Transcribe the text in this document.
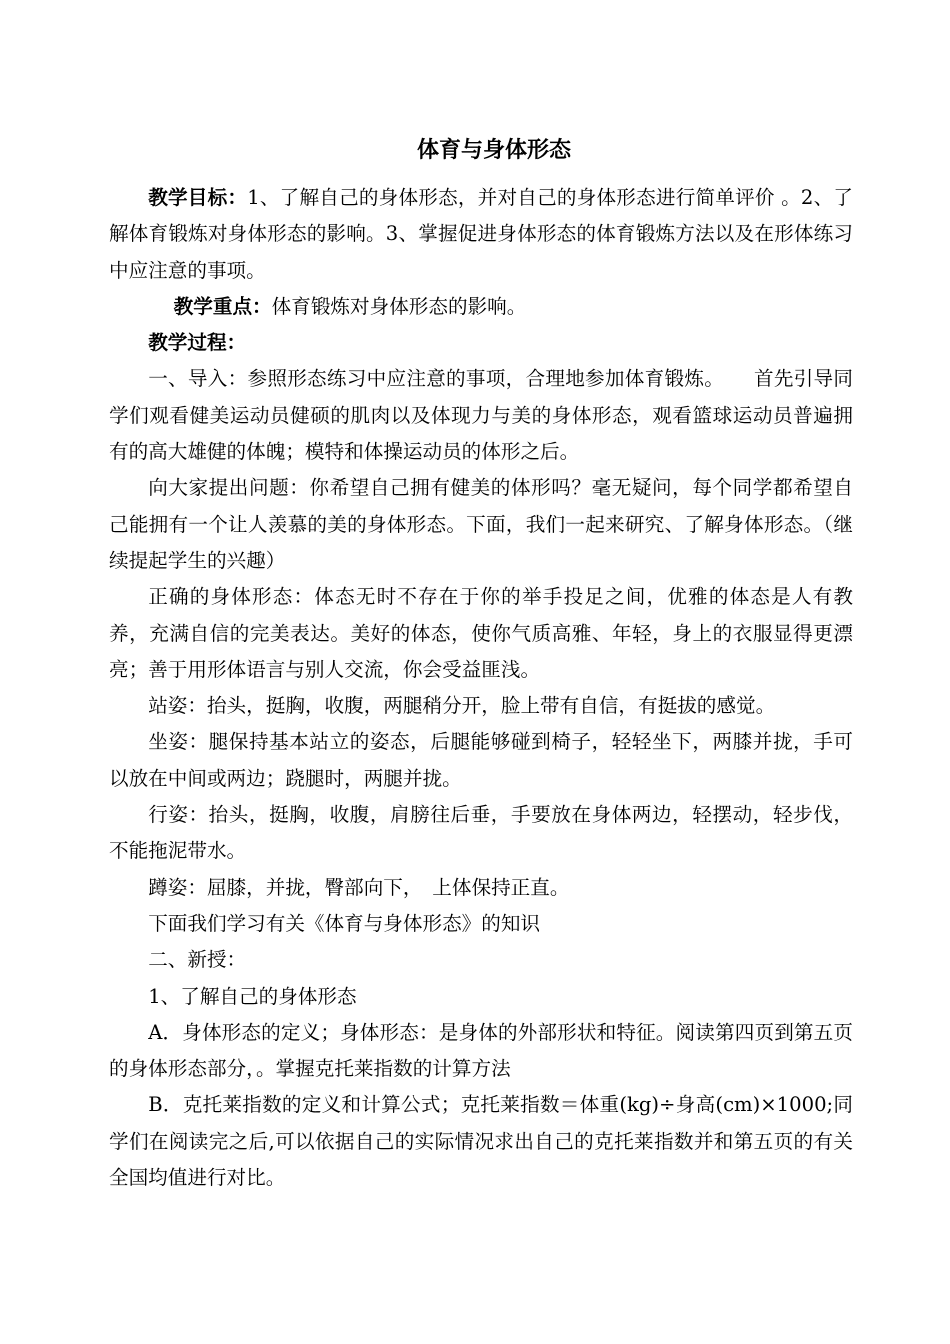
体育与身体形态

教学目标：1、了解自己的身体形态，并对自己的身体形态进行简单评价 。2、了解体育锻炼对身体形态的影响。3、掌握促进身体形态的体育锻炼方法以及在形体练习中应注意的事项。

教学重点：体育锻炼对身体形态的影响。

教学过程：

一、导入：参照形态练习中应注意的事项，合理地参加体育锻炼。　　首先引导同学们观看健美运动员健硕的肌肉以及体现力与美的身体形态，观看篮球运动员普遍拥有的高大雄健的体魄；模特和体操运动员的体形之后。

向大家提出问题：你希望自己拥有健美的体形吗？毫无疑问，每个同学都希望自己能拥有一个让人羡慕的美的身体形态。下面，我们一起来研究、了解身体形态。（继续提起学生的兴趣）

正确的身体形态：体态无时不存在于你的举手投足之间，优雅的体态是人有教养，充满自信的完美表达。美好的体态，使你气质高雅、年轻，身上的衣服显得更漂亮；善于用形体语言与别人交流，你会受益匪浅。

站姿：抬头，挺胸，收腹，两腿稍分开，脸上带有自信，有挺拔的感觉。

坐姿：腿保持基本站立的姿态，后腿能够碰到椅子，轻轻坐下，两膝并拢，手可以放在中间或两边；跷腿时，两腿并拢。

行姿：抬头，挺胸，收腹，肩膀往后垂，手要放在身体两边，轻摆动，轻步伐，不能拖泥带水。

蹲姿：屈膝，并拢，臀部向下，　上体保持正直。

下面我们学习有关《体育与身体形态》的知识

二、新授：

1、了解自己的身体形态

A．身体形态的定义；身体形态：是身体的外部形状和特征。阅读第四页到第五页的身体形态部分，。掌握克托莱指数的计算方法

B．克托莱指数的定义和计算公式；克托莱指数＝体重(kg)÷身高(cm)×1000;同学们在阅读完之后,可以依据自己的实际情况求出自己的克托莱指数并和第五页的有关全国均值进行对比。
